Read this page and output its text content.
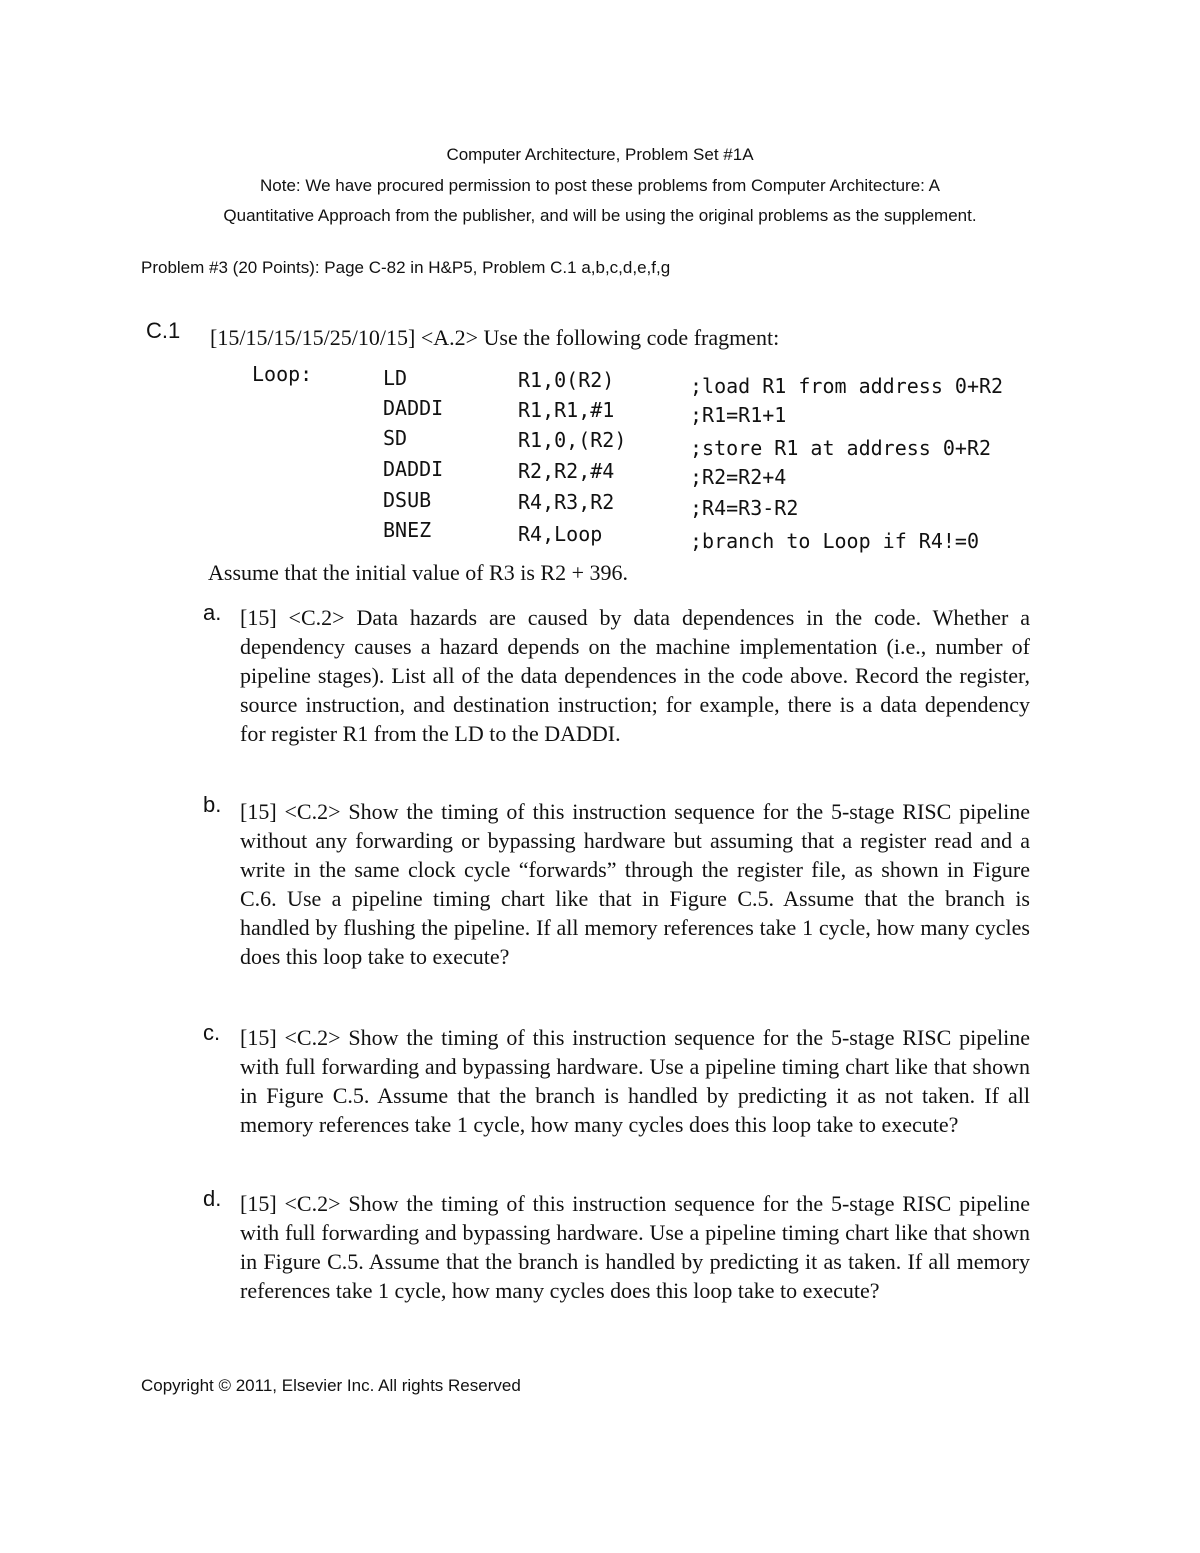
Computer Architecture, Problem Set #1A
Note: We have procured permission to post these problems from Computer Architecture: A
Quantitative Approach from the publisher, and will be using the original problems as the supplement.
Problem #3 (20 Points): Page C-82 in H&P5, Problem C.1 a,b,c,d,e,f,g
C.1 [15/15/15/15/25/10/15] <A.2> Use the following code fragment:
Loop:	LD	R1,0(R2)	;load R1 from address 0+R2
DADDI	R1,R1,#1	;R1=R1+1
SD	R1,0,(R2)	;store R1 at address 0+R2
DADDI	R2,R2,#4	;R2=R2+4
DSUB	R4,R3,R2	;R4=R3-R2
BNEZ	R4,Loop	;branch to Loop if R4!=0
Assume that the initial value of R3 is R2 + 396.
a. [15] <C.2> Data hazards are caused by data dependences in the code. Whether a dependency causes a hazard depends on the machine implementation (i.e., number of pipeline stages). List all of the data dependences in the code above. Record the register, source instruction, and destination instruction; for example, there is a data dependency for register R1 from the LD to the DADDI.
b. [15] <C.2> Show the timing of this instruction sequence for the 5-stage RISC pipeline without any forwarding or bypassing hardware but assuming that a register read and a write in the same clock cycle “forwards” through the register file, as shown in Figure C.6. Use a pipeline timing chart like that in Figure C.5. Assume that the branch is handled by flushing the pipeline. If all memory references take 1 cycle, how many cycles does this loop take to execute?
c. [15] <C.2> Show the timing of this instruction sequence for the 5-stage RISC pipeline with full forwarding and bypassing hardware. Use a pipeline timing chart like that shown in Figure C.5. Assume that the branch is handled by predicting it as not taken. If all memory references take 1 cycle, how many cycles does this loop take to execute?
d. [15] <C.2> Show the timing of this instruction sequence for the 5-stage RISC pipeline with full forwarding and bypassing hardware. Use a pipeline timing chart like that shown in Figure C.5. Assume that the branch is handled by predicting it as taken. If all memory references take 1 cycle, how many cycles does this loop take to execute?
Copyright © 2011, Elsevier Inc. All rights Reserved
